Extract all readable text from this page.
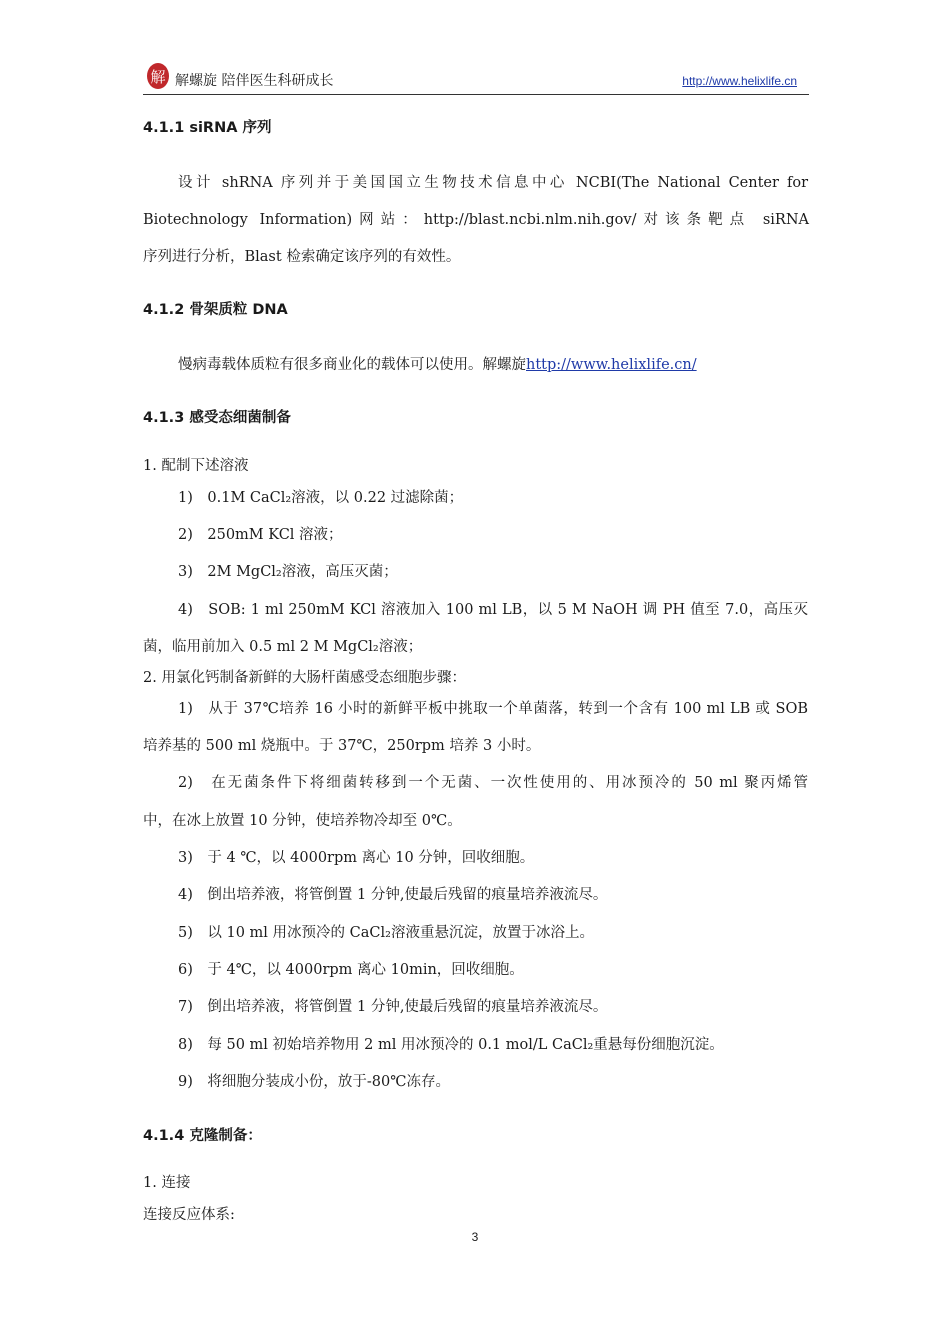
解 解螺旋 陪伴医生科研成长	http://www.helixlife.cn
4.1.1 siRNA 序列
设计 shRNA 序列并于美国国立生物技术信息中心 NCBI(The National Center for
Biotechnology Information)网站：http://blast.ncbi.nlm.nih.gov/对该条靶点 siRNA
序列进行分析，Blast 检索确定该序列的有效性。
4.1.2 骨架质粒 DNA
慢病毒载体质粒有很多商业化的载体可以使用。解螺旋http://www.helixlife.cn/
4.1.3 感受态细菌制备
1. 配制下述溶液
1)　0.1M CaCl₂溶液，以 0.22 过滤除菌；
2)　250mM KCl 溶液；
3)　2M MgCl₂溶液，高压灭菌；
4)　SOB: 1 ml 250mM KCl 溶液加入 100 ml LB，以 5 M NaOH 调 PH 值至 7.0，高压灭
菌，临用前加入 0.5 ml 2 M MgCl₂溶液；
2. 用氯化钙制备新鲜的大肠杆菌感受态细胞步骤：
1)　从于 37℃培养 16 小时的新鲜平板中挑取一个单菌落，转到一个含有 100 ml LB 或 SOB
培养基的 500 ml 烧瓶中。于 37℃，250rpm 培养 3 小时。
2)　在无菌条件下将细菌转移到一个无菌、一次性使用的、用冰预冷的 50 ml 聚丙烯管
中，在冰上放置 10 分钟，使培养物冷却至 0℃。
3)　于 4 ℃，以 4000rpm 离心 10 分钟，回收细胞。
4)　倒出培养液，将管倒置 1 分钟,使最后残留的痕量培养液流尽。
5)　以 10 ml 用冰预冷的 CaCl₂溶液重悬沉淀，放置于冰浴上。
6)　于 4℃，以 4000rpm 离心 10min，回收细胞。
7)　倒出培养液，将管倒置 1 分钟,使最后残留的痕量培养液流尽。
8)　每 50 ml 初始培养物用 2 ml 用冰预冷的 0.1 mol/L CaCl₂重悬每份细胞沉淀。
9)　将细胞分装成小份，放于-80℃冻存。
4.1.4 克隆制备：
1. 连接
连接反应体系:
3
